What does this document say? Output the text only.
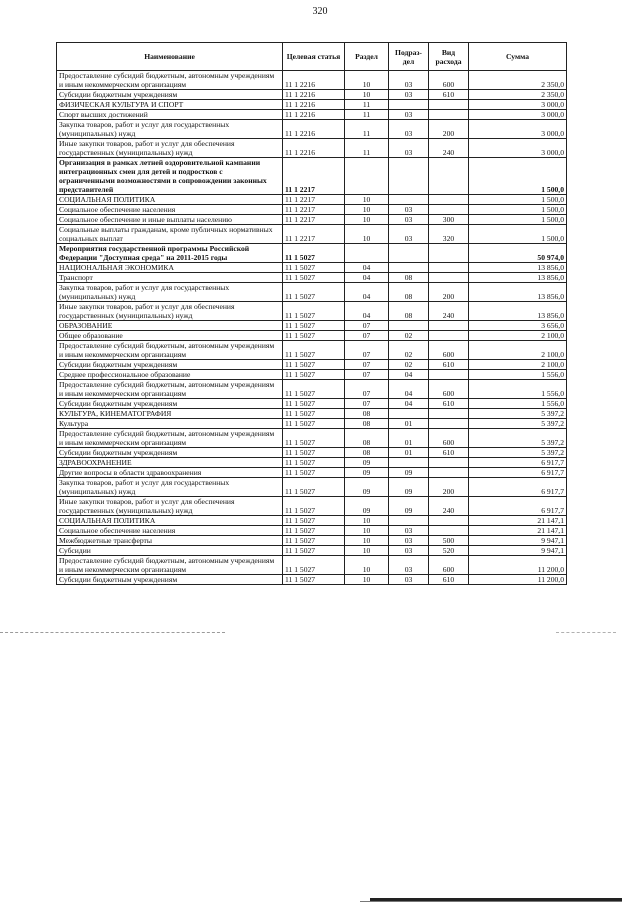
320
Наименование	Целевая статья	Раздел	Подраз- дел	Вид расхода	Сумма
Предоставление субсидий бюджетным, автономным учреждениям и иным некоммерческим организациям	11 1 2216	10	03	600	2 350,0
Субсидии бюджетным учреждениям	11 1 2216	10	03	610	2 350,0
ФИЗИЧЕСКАЯ КУЛЬТУРА И СПОРТ	11 1 2216	11			3 000,0
Спорт высших достижений	11 1 2216	11	03		3 000,0
Закупка товаров, работ и услуг для государственных (муниципальных) нужд	11 1 2216	11	03	200	3 000,0
Иные закупки товаров, работ и услуг для обеспечения государственных (муниципальных) нужд	11 1 2216	11	03	240	3 000,0
Организация в рамках летней оздоровительной кампании интеграционных смен для детей и подростков с ограниченными возможностями в сопровождении законных представителей	11 1 2217				1 500,0
СОЦИАЛЬНАЯ ПОЛИТИКА	11 1 2217	10			1 500,0
Социальное обеспечение населения	11 1 2217	10	03		1 500,0
Социальное обеспечение и иные выплаты населению	11 1 2217	10	03	300	1 500,0
Социальные выплаты гражданам, кроме публичных нормативных социальных выплат	11 1 2217	10	03	320	1 500,0
Мероприятия государственной программы Российской Федерации "Доступная среда" на 2011-2015 годы	11 1 5027				50 974,0
НАЦИОНАЛЬНАЯ ЭКОНОМИКА	11 1 5027	04			13 856,0
Транспорт	11 1 5027	04	08		13 856,0
Закупка товаров, работ и услуг для государственных (муниципальных) нужд	11 1 5027	04	08	200	13 856,0
Иные закупки товаров, работ и услуг для обеспечения государственных (муниципальных) нужд	11 1 5027	04	08	240	13 856,0
ОБРАЗОВАНИЕ	11 1 5027	07			3 656,0
Общее образование	11 1 5027	07	02		2 100,0
Предоставление субсидий бюджетным, автономным учреждениям и иным некоммерческим организациям	11 1 5027	07	02	600	2 100,0
Субсидии бюджетным учреждениям	11 1 5027	07	02	610	2 100,0
Среднее профессиональное образование	11 1 5027	07	04		1 556,0
Предоставление субсидий бюджетным, автономным учреждениям и иным некоммерческим организациям	11 1 5027	07	04	600	1 556,0
Субсидии бюджетным учреждениям	11 1 5027	07	04	610	1 556,0
КУЛЬТУРА, КИНЕМАТОГРАФИЯ	11 1 5027	08			5 397,2
Культура	11 1 5027	08	01		5 397,2
Предоставление субсидий бюджетным, автономным учреждениям и иным некоммерческим организациям	11 1 5027	08	01	600	5 397,2
Субсидии бюджетным учреждениям	11 1 5027	08	01	610	5 397,2
ЗДРАВООХРАНЕНИЕ	11 1 5027	09			6 917,7
Другие вопросы в области здравоохранения	11 1 5027	09	09		6 917,7
Закупка товаров, работ и услуг для государственных (муниципальных) нужд	11 1 5027	09	09	200	6 917,7
Иные закупки товаров, работ и услуг для обеспечения государственных (муниципальных) нужд	11 1 5027	09	09	240	6 917,7
СОЦИАЛЬНАЯ ПОЛИТИКА	11 1 5027	10			21 147,1
Социальное обеспечение населения	11 1 5027	10	03		21 147,1
Межбюджетные трансферты	11 1 5027	10	03	500	9 947,1
Субсидии	11 1 5027	10	03	520	9 947,1
Предоставление субсидий бюджетным, автономным учреждениям и иным некоммерческим организациям	11 1 5027	10	03	600	11 200,0
Субсидии бюджетным учреждениям	11 1 5027	10	03	610	11 200,0
